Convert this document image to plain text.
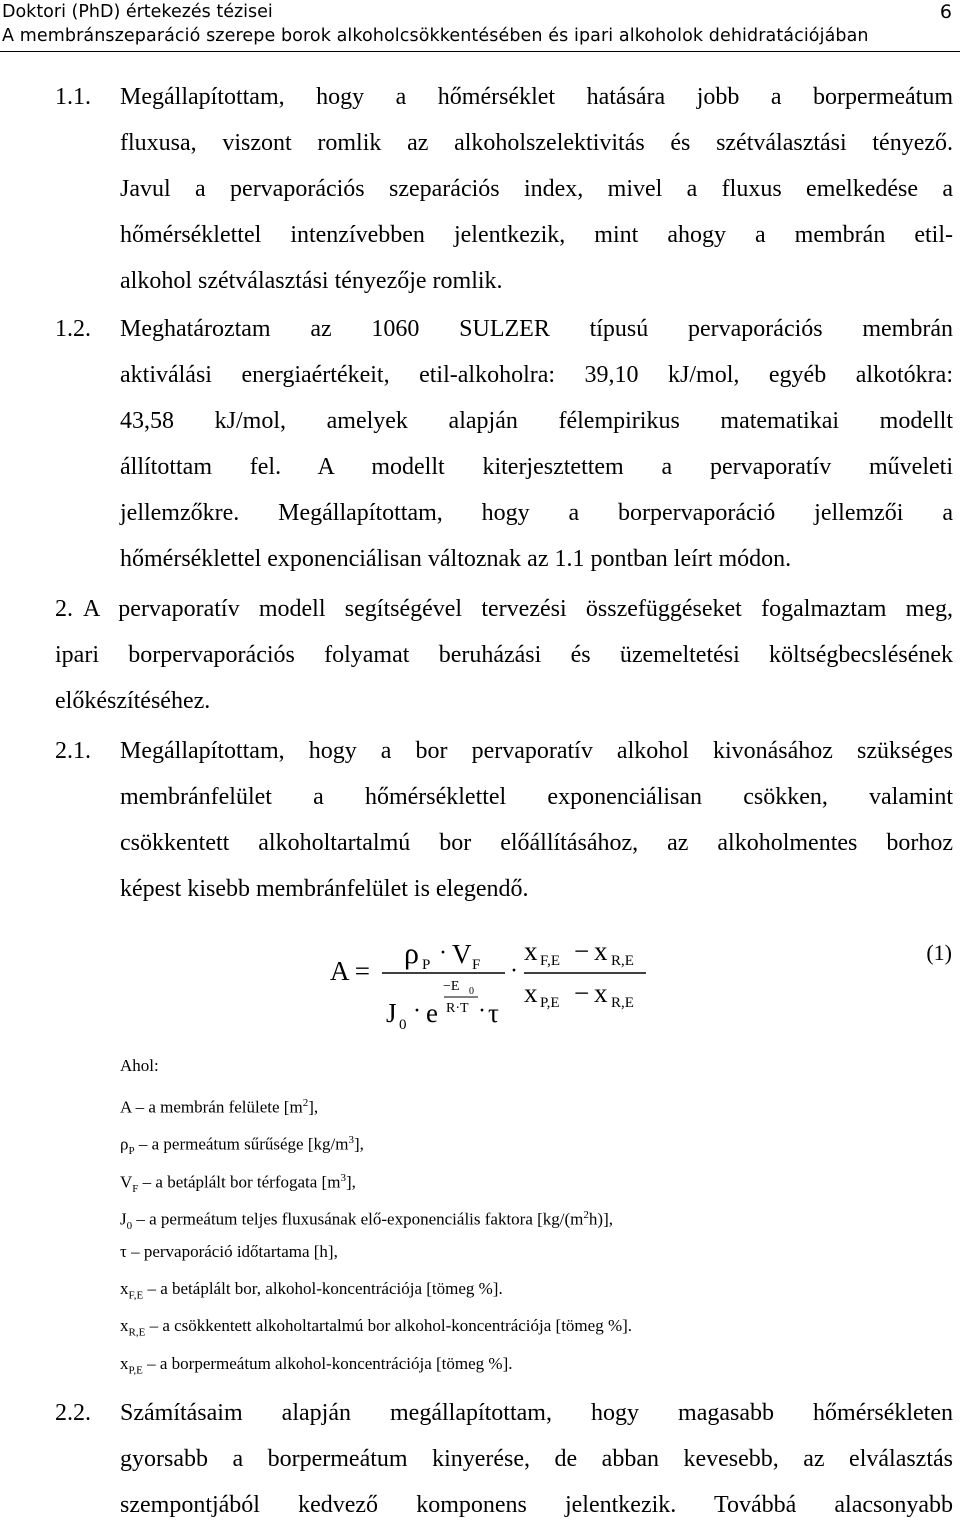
Doktori (PhD) értekezés tézisei	6
A membránszeparáció szerepe borok alkoholcsökkentésében és ipari alkoholok dehidratációjában
1.1. Megállapítottam, hogy a hőmérséklet hatására jobb a borpermeátum
fluxusa, viszont romlik az alkoholszelektivitás és szétválasztási tényező.
Javul a pervaporációs szeparációs index, mivel a fluxus emelkedése a
hőmérséklettel intenzívebben jelentkezik, mint ahogy a membrán etil-
alkohol szétválasztási tényezője romlik.
1.2. Meghatároztam az 1060 SULZER típusú pervaporációs membrán
aktiválási energiaértékeit, etil-alkoholra: 39,10 kJ/mol, egyéb alkotókra:
43,58 kJ/mol, amelyek alapján félempirikus matematikai modellt
állítottam fel. A modellt kiterjesztettem a pervaporatív műveleti
jellemzőkre. Megállapítottam, hogy a borpervaporáció jellemzői a
hőmérséklettel exponenciálisan változnak az 1.1 pontban leírt módon.
2. A pervaporatív modell segítségével tervezési összefüggéseket fogalmaztam meg,
ipari borpervaporációs folyamat beruházási és üzemeltetési költségbecslésének
előkészítéséhez.
2.1. Megállapítottam, hogy a bor pervaporatív alkohol kivonásához szükséges
membránfelület a hőmérséklettel exponenciálisan csökken, valamint
csökkentett alkoholtartalmú bor előállításához, az alkoholmentes borhoz
képest kisebb membránfelület is elegendő.
A =
ρ P · V F
J 0
· e
−E 0
R·T · τ
·
x F,E − x R,E
x P,E − x R,E
(1)
Ahol:
A – a membrán felülete $[m^2]$,
$\rho_P$ – a permeátum sűrűsége $[kg/m^3]$,
$V_F$ – a betáplált bor térfogata $[m^3]$,
$J_0$ – a permeátum teljes fluxusának elő-exponenciális faktora $[kg/(m^2h)]$,
τ – pervaporáció időtartama [h],
$x_{F,E}$ – a betáplált bor, alkohol-koncentrációja [tömeg %].
$x_{R,E}$ – a csökkentett alkoholtartalmú bor alkohol-koncentrációja [tömeg %].
$x_{P,E}$ – a borpermeátum alkohol-koncentrációja [tömeg %].
2.2. Számításaim alapján megállapítottam, hogy magasabb hőmérsékleten
gyorsabb a borpermeátum kinyerése, de abban kevesebb, az elválasztás
szempontjából kedvező komponens jelentkezik. Továbbá alacsonyabb
